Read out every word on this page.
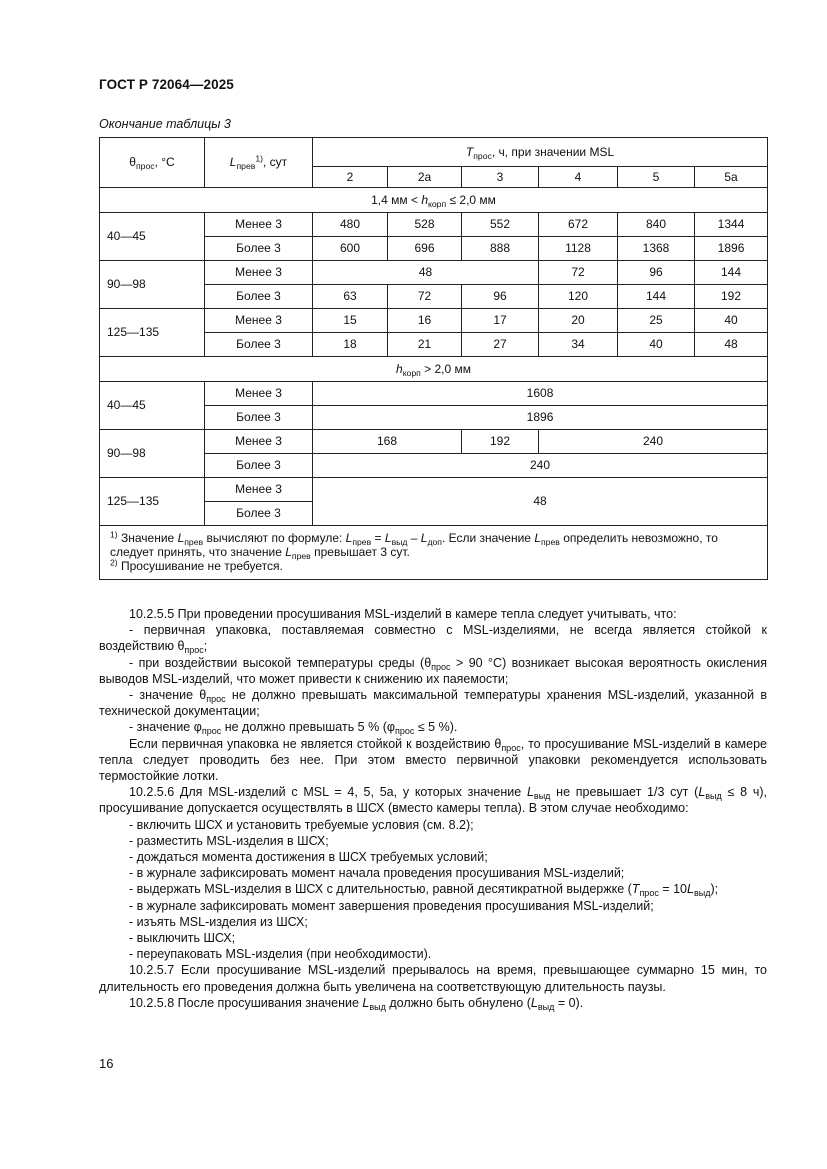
ГОСТ Р 72064—2025
Окончание таблицы 3
$\theta_{прос}$, °С	$L_{прев}^{1)}$, сут	$T_{прос}$, ч, при значении MSL					
		2	2a	3	4	5	5a
1,4 мм < $h_{корп} \le 2,0$ мм							
40—45	Менее 3	480	528	552	672	840	1344
	Более 3	600	696	888	1128	1368	1896
90—98	Менее 3	48			72	96	144
	Более 3	63	72	96	120	144	192
125—135	Менее 3	15	16	17	20	25	40
	Более 3	18	21	27	34	40	48
$h_{корп} > 2,0$ мм							
40—45	Менее 3	1608					
	Более 3	1896					
90—98	Менее 3	168		192	240		
	Более 3	240					
125—135	Менее 3	48					
	Более 3						

$^{1)}$ Значение $L_{прев}$ вычисляют по формуле: $L_{прев} = L_{выд} - L_{доп}$. Если значение $L_{прев}$ определить невозможно, то следует принять, что значение $L_{прев}$ превышает 3 сут.
$^{2)}$ Просушивание не требуется.							

10.2.5.5 При проведении просушивания MSL-изделий в камере тепла следует учитывать, что:

- первичная упаковка, поставляемая совместно с MSL-изделиями, не всегда является стойкой к воздействию $\theta_{прос}$;

- при воздействии высокой температуры среды ($\theta_{прос} > 90$ °С) возникает высокая вероятность окисления выводов MSL-изделий, что может привести к снижению их паяемости;

- значение $\theta_{прос}$ не должно превышать максимальной температуры хранения MSL-изделий, указанной в технической документации;

- значение $\varphi_{прос}$ не должно превышать 5 % ($\varphi_{прос} \le 5$ %).

Если первичная упаковка не является стойкой к воздействию $\theta_{прос}$, то просушивание MSL-изделий в камере тепла следует проводить без нее. При этом вместо первичной упаковки рекомендуется использовать термостойкие лотки.

10.2.5.6 Для MSL-изделий с MSL = 4, 5, 5а, у которых значение $L_{выд}$ не превышает 1/3 сут ($L_{выд} \le 8$ ч), просушивание допускается осуществлять в ШСХ (вместо камеры тепла). В этом случае необходимо:

- включить ШСХ и установить требуемые условия (см. 8.2);

- разместить MSL-изделия в ШСХ;

- дождаться момента достижения в ШСХ требуемых условий;

- в журнале зафиксировать момент начала проведения просушивания MSL-изделий;

- выдержать MSL-изделия в ШСХ с длительностью, равной десятикратной выдержке $(T_{прос} = 10L_{выд})$;

- в журнале зафиксировать момент завершения проведения просушивания MSL-изделий;

- изъять MSL-изделия из ШСХ;

- выключить ШСХ;

- переупаковать MSL-изделия (при необходимости).

10.2.5.7 Если просушивание MSL-изделий прерывалось на время, превышающее суммарно 15 мин, то длительность его проведения должна быть увеличена на соответствующую длительность паузы.

10.2.5.8 После просушивания значение $L_{выд}$ должно быть обнулено $(L_{выд} = 0)$.

16
